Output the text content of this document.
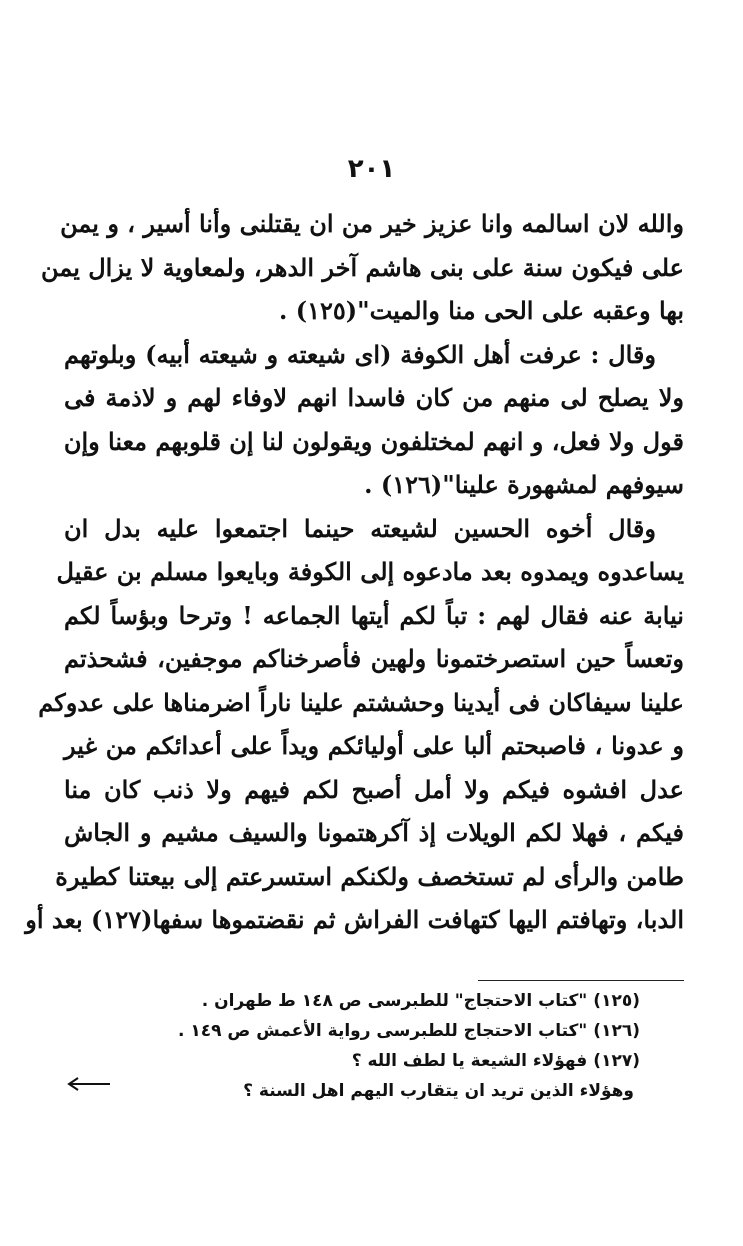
٢٠١
والله لان اسالمه وانا عزيز خير من ان يقتلنى وأنا أسير ، و يمن
على فيكون سنة على بنى هاشم آخر الدهر، ولمعاوية لا يزال يمن
بها وعقبه على الحى منا والميت"(١٢٥) .
وقال : عرفت أهل الكوفة (اى شيعته و شيعته أبيه) وبلوتهم
ولا يصلح لى منهم من كان فاسدا انهم لاوفاء لهم و لاذمة فى
قول ولا فعل، و انهم لمختلفون ويقولون لنا إن قلوبهم معنا وإن
سيوفهم لمشهورة علينا"(١٢٦) .
وقال أخوه الحسين لشيعته حينما اجتمعوا عليه بدل ان
يساعدوه ويمدوه بعد مادعوه إلى الكوفة وبايعوا مسلم بن عقيل
نيابة عنه فقال لهم : تباً لكم أيتها الجماعه ! وترحا وبؤساً لكم
وتعساً حين استصرختمونا ولهين فأصرخناكم موجفين، فشحذتم
علينا سيفاكان فى أيدينا وحششتم علينا ناراً اضرمناها على عدوكم
و عدونا ، فاصبحتم ألبا على أوليائكم ويداً على أعدائكم من غير
عدل افشوه فيكم ولا أمل أصبح لكم فيهم ولا ذنب كان منا
فيكم ، فهلا لكم الويلات إذ آكرهتمونا والسيف مشيم و الجاش
طامن والرأى لم تستخصف ولكنكم استسرعتم إلى بيعتنا كطيرة
الدبا، وتهافتم اليها كتهافت الفراش ثم نقضتموها سفها(١٢٧) بعد أو
(١٢٥)"كتاب الاحتجاج" للطبرسى ص ١٤٨ ط طهران .
(١٢٦)"كتاب الاحتجاج للطبرسى رواية الأعمش ص ١٤٩ .
(١٢٧)فهؤلاء الشيعة يا لطف الله ؟
وهؤلاء الذين تريد ان يتقارب اليهم اهل السنة ؟
